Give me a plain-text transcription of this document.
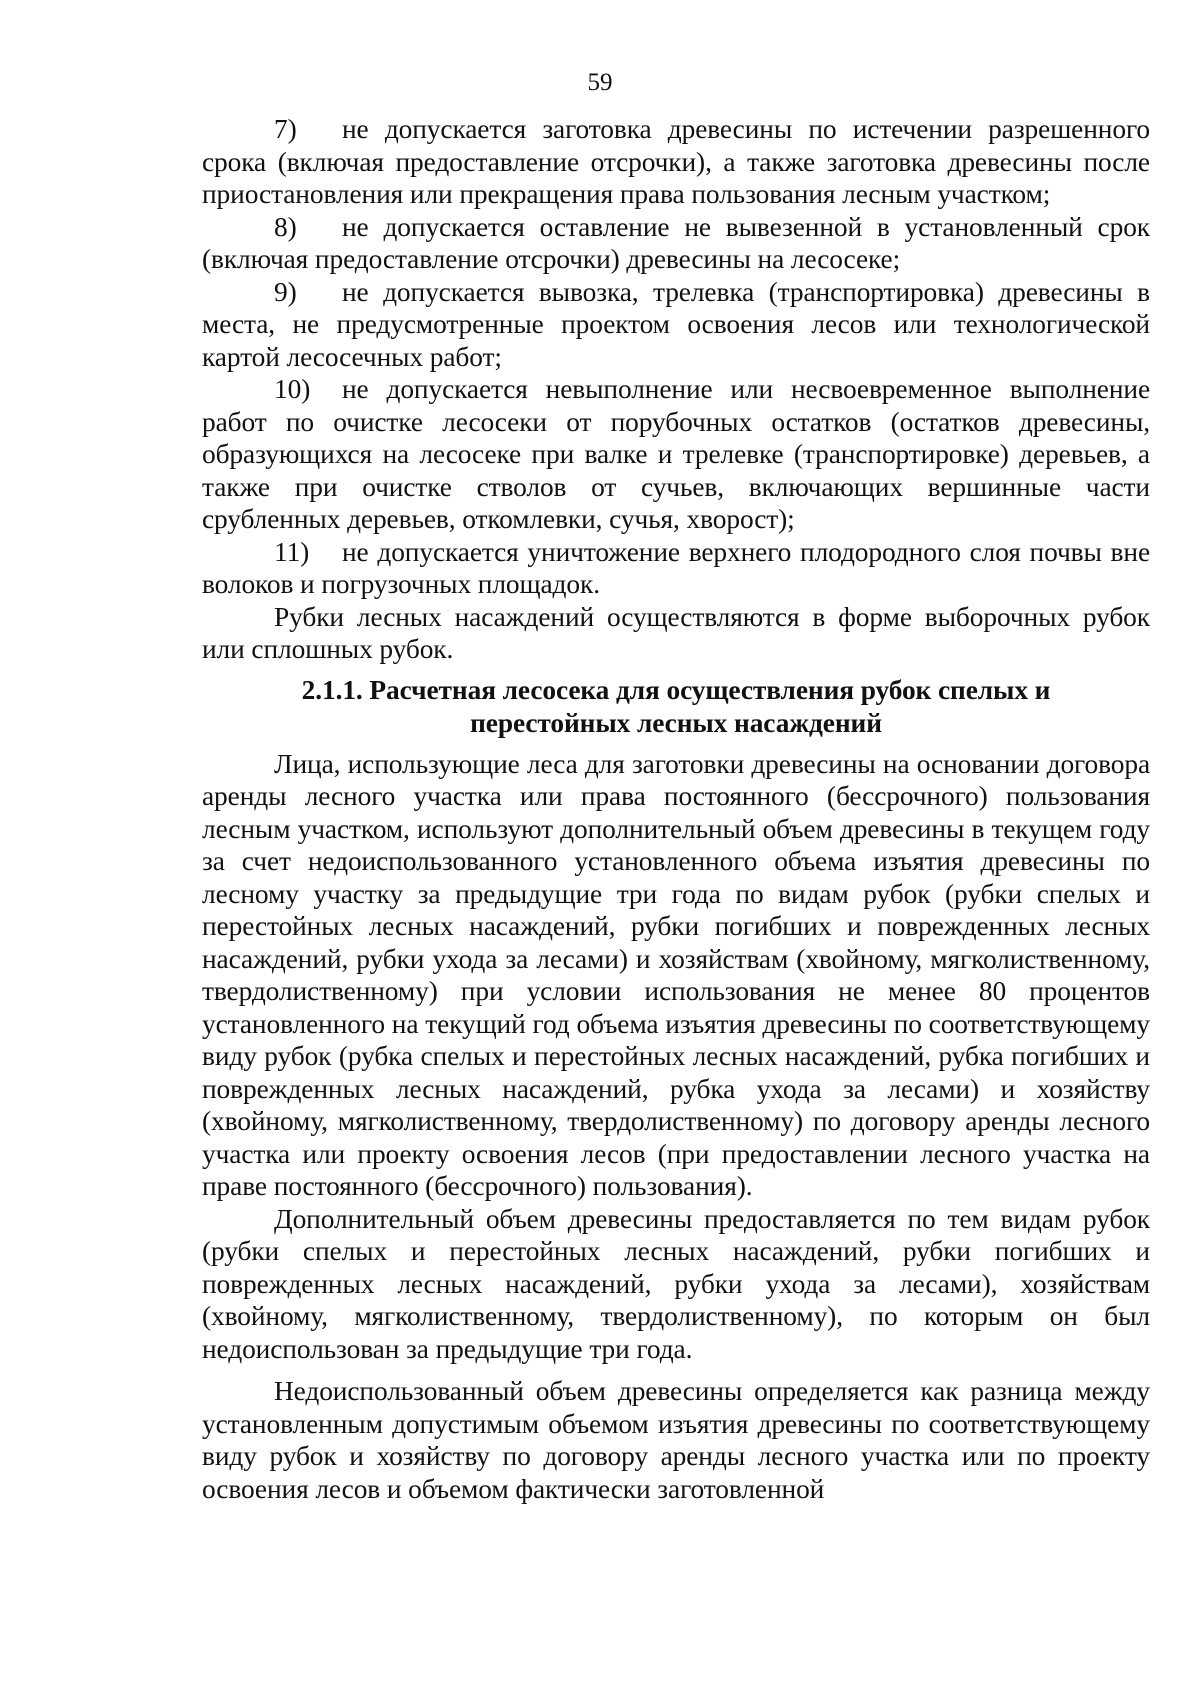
59

7) не допускается заготовка древесины по истечении разрешенного срока (включая предоставление отсрочки), а также заготовка древесины после приостановления или прекращения права пользования лесным участком;

8) не допускается оставление не вывезенной в установленный срок (включая предоставление отсрочки) древесины на лесосеке;

9) не допускается вывозка, трелевка (транспортировка) древесины в места, не предусмотренные проектом освоения лесов или технологической картой лесосечных работ;

10) не допускается невыполнение или несвоевременное выполнение работ по очистке лесосеки от порубочных остатков (остатков древесины, образующихся на лесосеке при валке и трелевке (транспортировке) деревьев, а также при очистке стволов от сучьев, включающих вершинные части срубленных деревьев, откомлевки, сучья, хворост);

11) не допускается уничтожение верхнего плодородного слоя почвы вне волоков и погрузочных площадок.

Рубки лесных насаждений осуществляются в форме выборочных рубок или сплошных рубок.

2.1.1. Расчетная лесосека для осуществления рубок спелых и
перестойных лесных насаждений

Лица, использующие леса для заготовки древесины на основании договора аренды лесного участка или права постоянного (бессрочного) пользования лесным участком, используют дополнительный объем древесины в текущем году за счет недоиспользованного установленного объема изъятия древесины по лесному участку за предыдущие три года по видам рубок (рубки спелых и перестойных лесных насаждений, рубки погибших и поврежденных лесных насаждений, рубки ухода за лесами) и хозяйствам (хвойному, мягколиственному, твердолиственному) при условии использования не менее 80 процентов установленного на текущий год объема изъятия древесины по соответствующему виду рубок (рубка спелых и перестойных лесных насаждений, рубка погибших и поврежденных лесных насаждений, рубка ухода за лесами) и хозяйству (хвойному, мягколиственному, твердолиственному) по договору аренды лесного участка или проекту освоения лесов (при предоставлении лесного участка на праве постоянного (бессрочного) пользования).

Дополнительный объем древесины предоставляется по тем видам рубок (рубки спелых и перестойных лесных насаждений, рубки погибших и поврежденных лесных насаждений, рубки ухода за лесами), хозяйствам (хвойному, мягколиственному, твердолиственному), по которым он был недоиспользован за предыдущие три года.

Недоиспользованный объем древесины определяется как разница между установленным допустимым объемом изъятия древесины по соответствующему виду рубок и хозяйству по договору аренды лесного участка или по проекту освоения лесов и объемом фактически заготовленной
